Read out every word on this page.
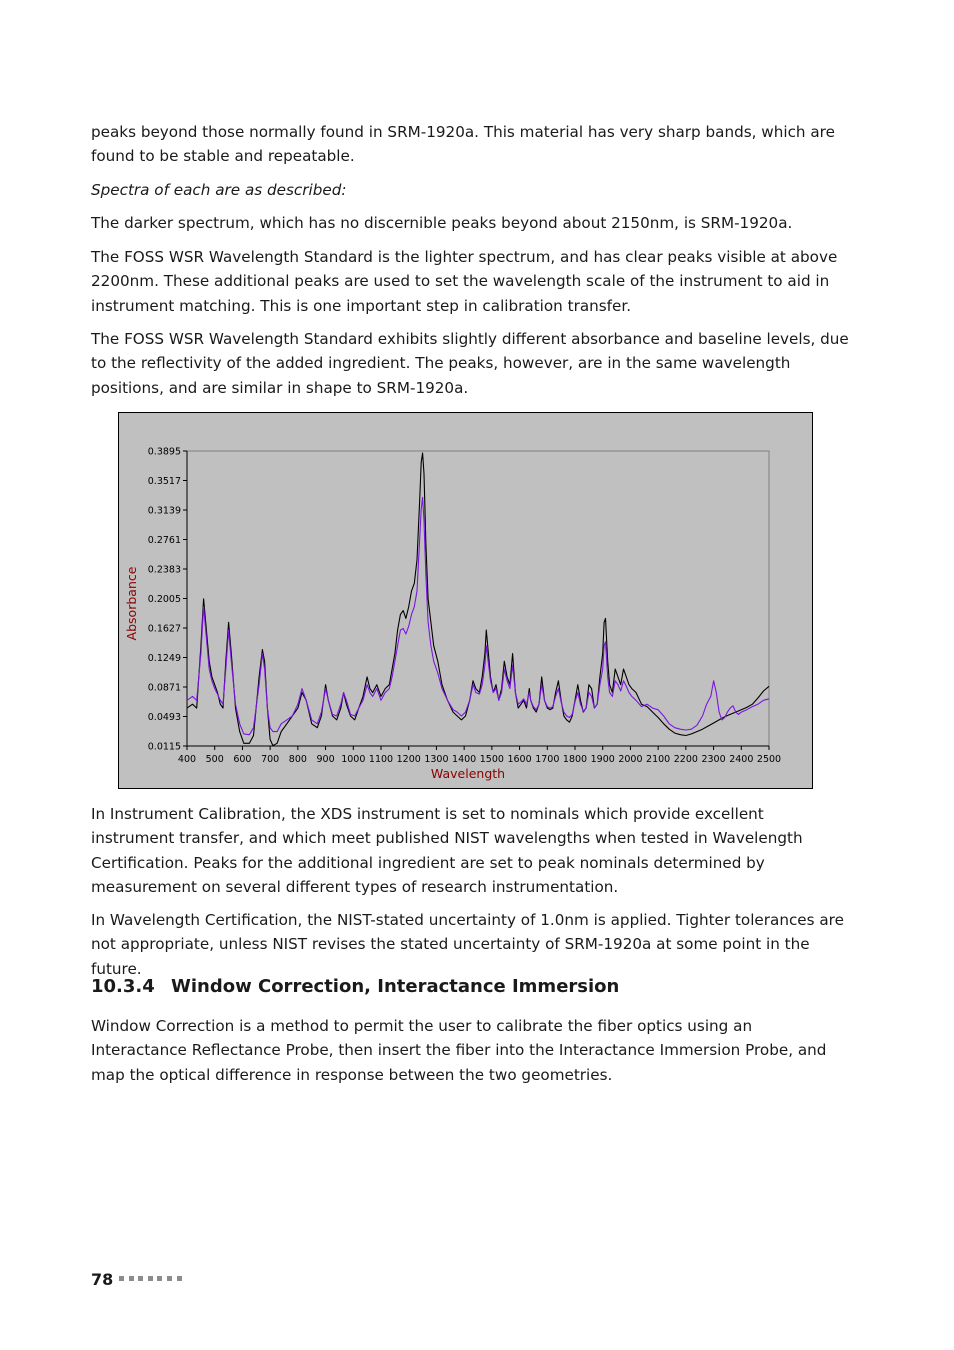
peaks beyond those normally found in SRM-1920a. This material has very sharp bands, which are found to be stable and repeatable.

Spectra of each are as described:

The darker spectrum, which has no discernible peaks beyond about 2150nm, is SRM-1920a.

The FOSS WSR Wavelength Standard is the lighter spectrum, and has clear peaks visible at above 2200nm. These additional peaks are used to set the wavelength scale of the instrument to aid in instrument matching. This is one important step in calibration transfer.

The FOSS WSR Wavelength Standard exhibits slightly different absorbance and baseline levels, due to the reflectivity of the added ingredient. The peaks, however, are in the same wavelength positions, and are similar in shape to SRM-1920a.

0.0115
0.0493
0.0871
0.1249
0.1627
0.2005
0.2383
0.2761
0.3139
0.3517
0.3895
400 500 600 700 800 900 1000 1100 1200 1300 1400 1500 1600 1700 1800 1900 2000 2100 2200 2300 2400 2500
Wavelength
Absorbance

In Instrument Calibration, the XDS instrument is set to nominals which provide excellent instrument transfer, and which meet published NIST wavelengths when tested in Wavelength Certification. Peaks for the additional ingredient are set to peak nominals determined by measurement on several different types of research instrumentation.

In Wavelength Certification, the NIST-stated uncertainty of 1.0nm is applied. Tighter tolerances are not appropriate, unless NIST revises the stated uncertainty of SRM-1920a at some point in the future.

10.3.4 Window Correction, Interactance Immersion

Window Correction is a method to permit the user to calibrate the fiber optics using an Interactance Reflectance Probe, then insert the fiber into the Interactance Immersion Probe, and map the optical difference in response between the two geometries.

78
